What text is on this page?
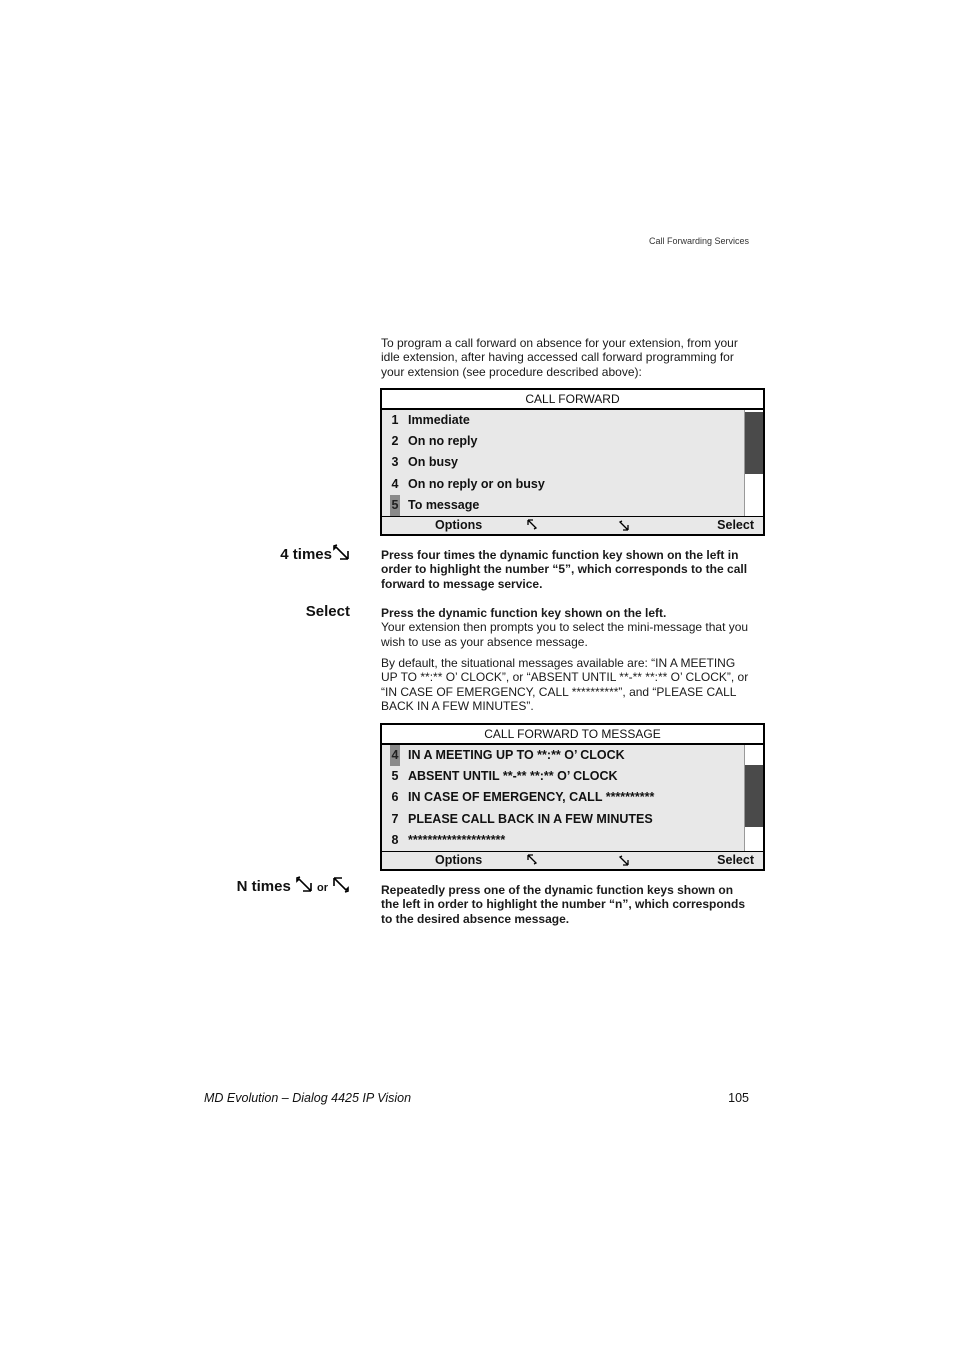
Call Forwarding Services
To program a call forward on absence for your extension, from your idle extension, after having accessed call forward programming for your extension (see procedure described above):
CALL FORWARD
1 Immediate
2 On no reply
3 On busy
4 On no reply or on busy
5 To message
Options	Select
4 times	Press four times the dynamic function key shown on the left in order to highlight the number “5”, which corresponds to the call forward to message service.
Select	Press the dynamic function key shown on the left.
Your extension then prompts you to select the mini-message that you wish to use as your absence message.
By default, the situational messages available are: “IN A MEETING UP TO **:** O’ CLOCK”, or “ABSENT UNTIL **-** **:** O’ CLOCK”, or “IN CASE OF EMERGENCY, CALL **********”, and “PLEASE CALL BACK IN A FEW MINUTES”.
CALL FORWARD TO MESSAGE
4 IN A MEETING UP TO **:** O’ CLOCK
5 ABSENT UNTIL **-** **:** O’ CLOCK
6 IN CASE OF EMERGENCY, CALL **********
7 PLEASE CALL BACK IN A FEW MINUTES
8 ********************
Options	Select
N times or	Repeatedly press one of the dynamic function keys shown on the left in order to highlight the number “n”, which corresponds to the desired absence message.
MD Evolution – Dialog 4425 IP Vision	105
